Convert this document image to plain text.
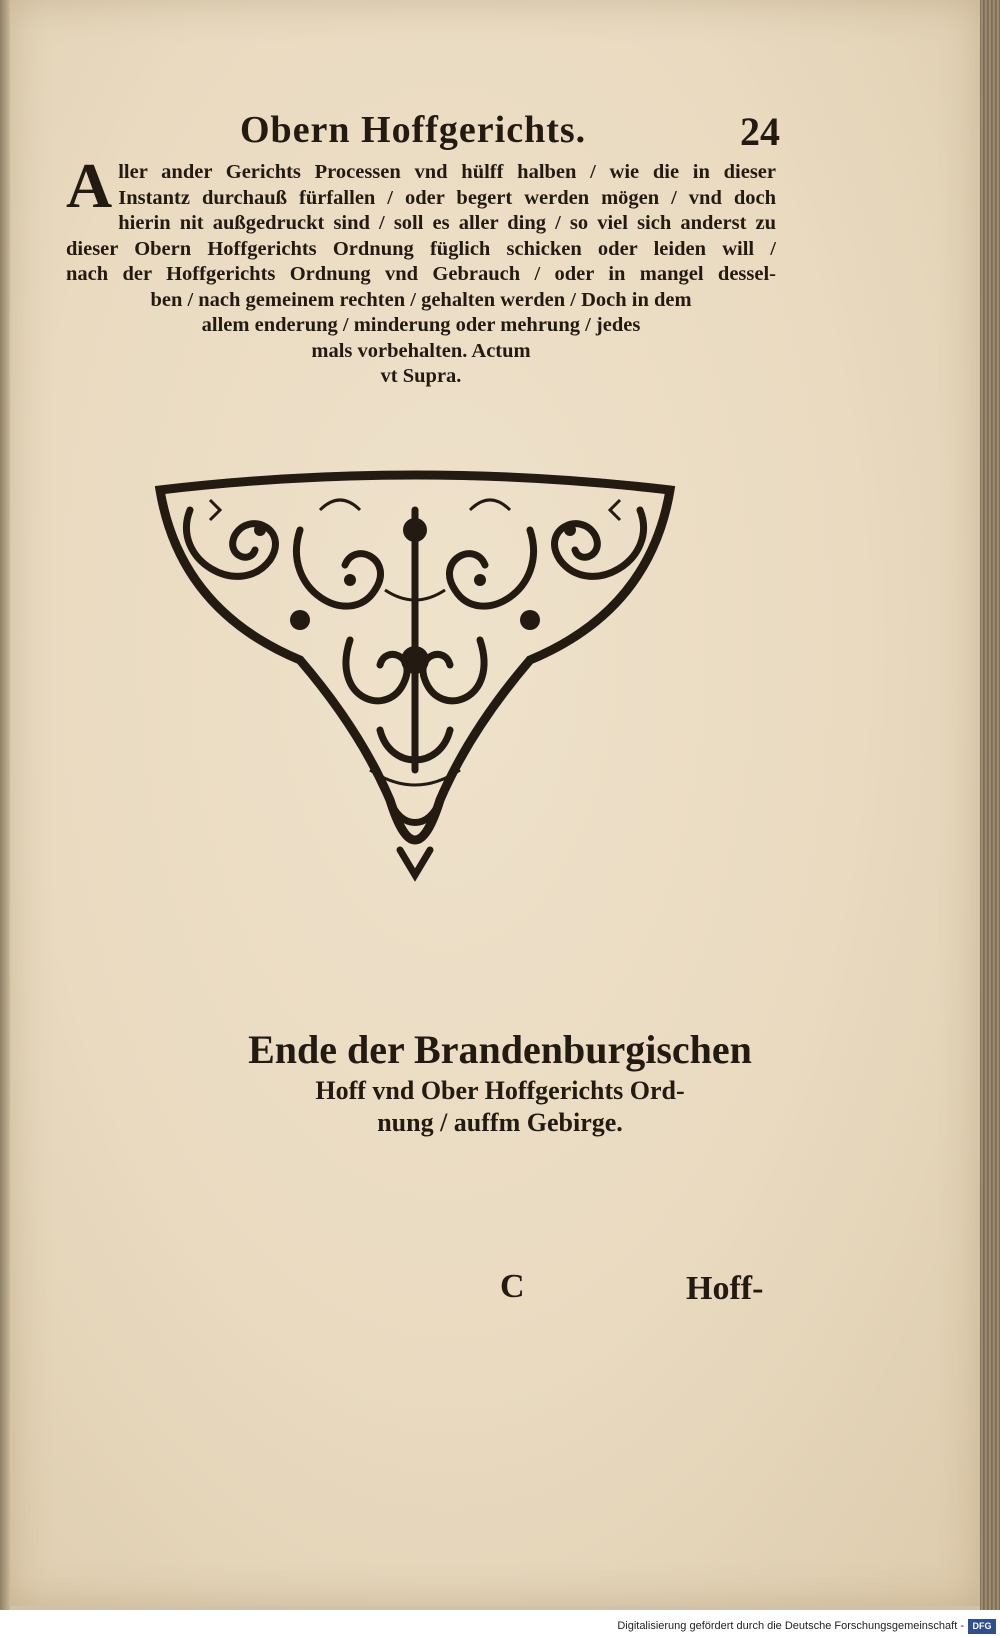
Obern Hoffgerichts.	24
A ller ander Gerichts Processen vnd hülff halben / wie die in dieser
Instantz durchauß fürfallen / oder begert werden mögen / vnd doch
hierin nit außgedruckt sind / soll es aller ding / so viel sich anderst zu
dieser Obern Hoffgerichts Ordnung füglich schicken oder leiden will /
nach der Hoffgerichts Ordnung vnd Gebrauch / oder in mangel dessel-
ben / nach gemeinem rechten / gehalten werden / Doch in dem
allem enderung / minderung oder mehrung / jedes
mals vorbehalten. Actum
vt Supra.
Ende der Brandenburgischen
Hoff vnd Ober Hoffgerichts Ord-
nung / auffm Gebirge.
C	Hoff-
Digitalisierung gefördert durch die Deutsche Forschungsgemeinschaft - DFG
